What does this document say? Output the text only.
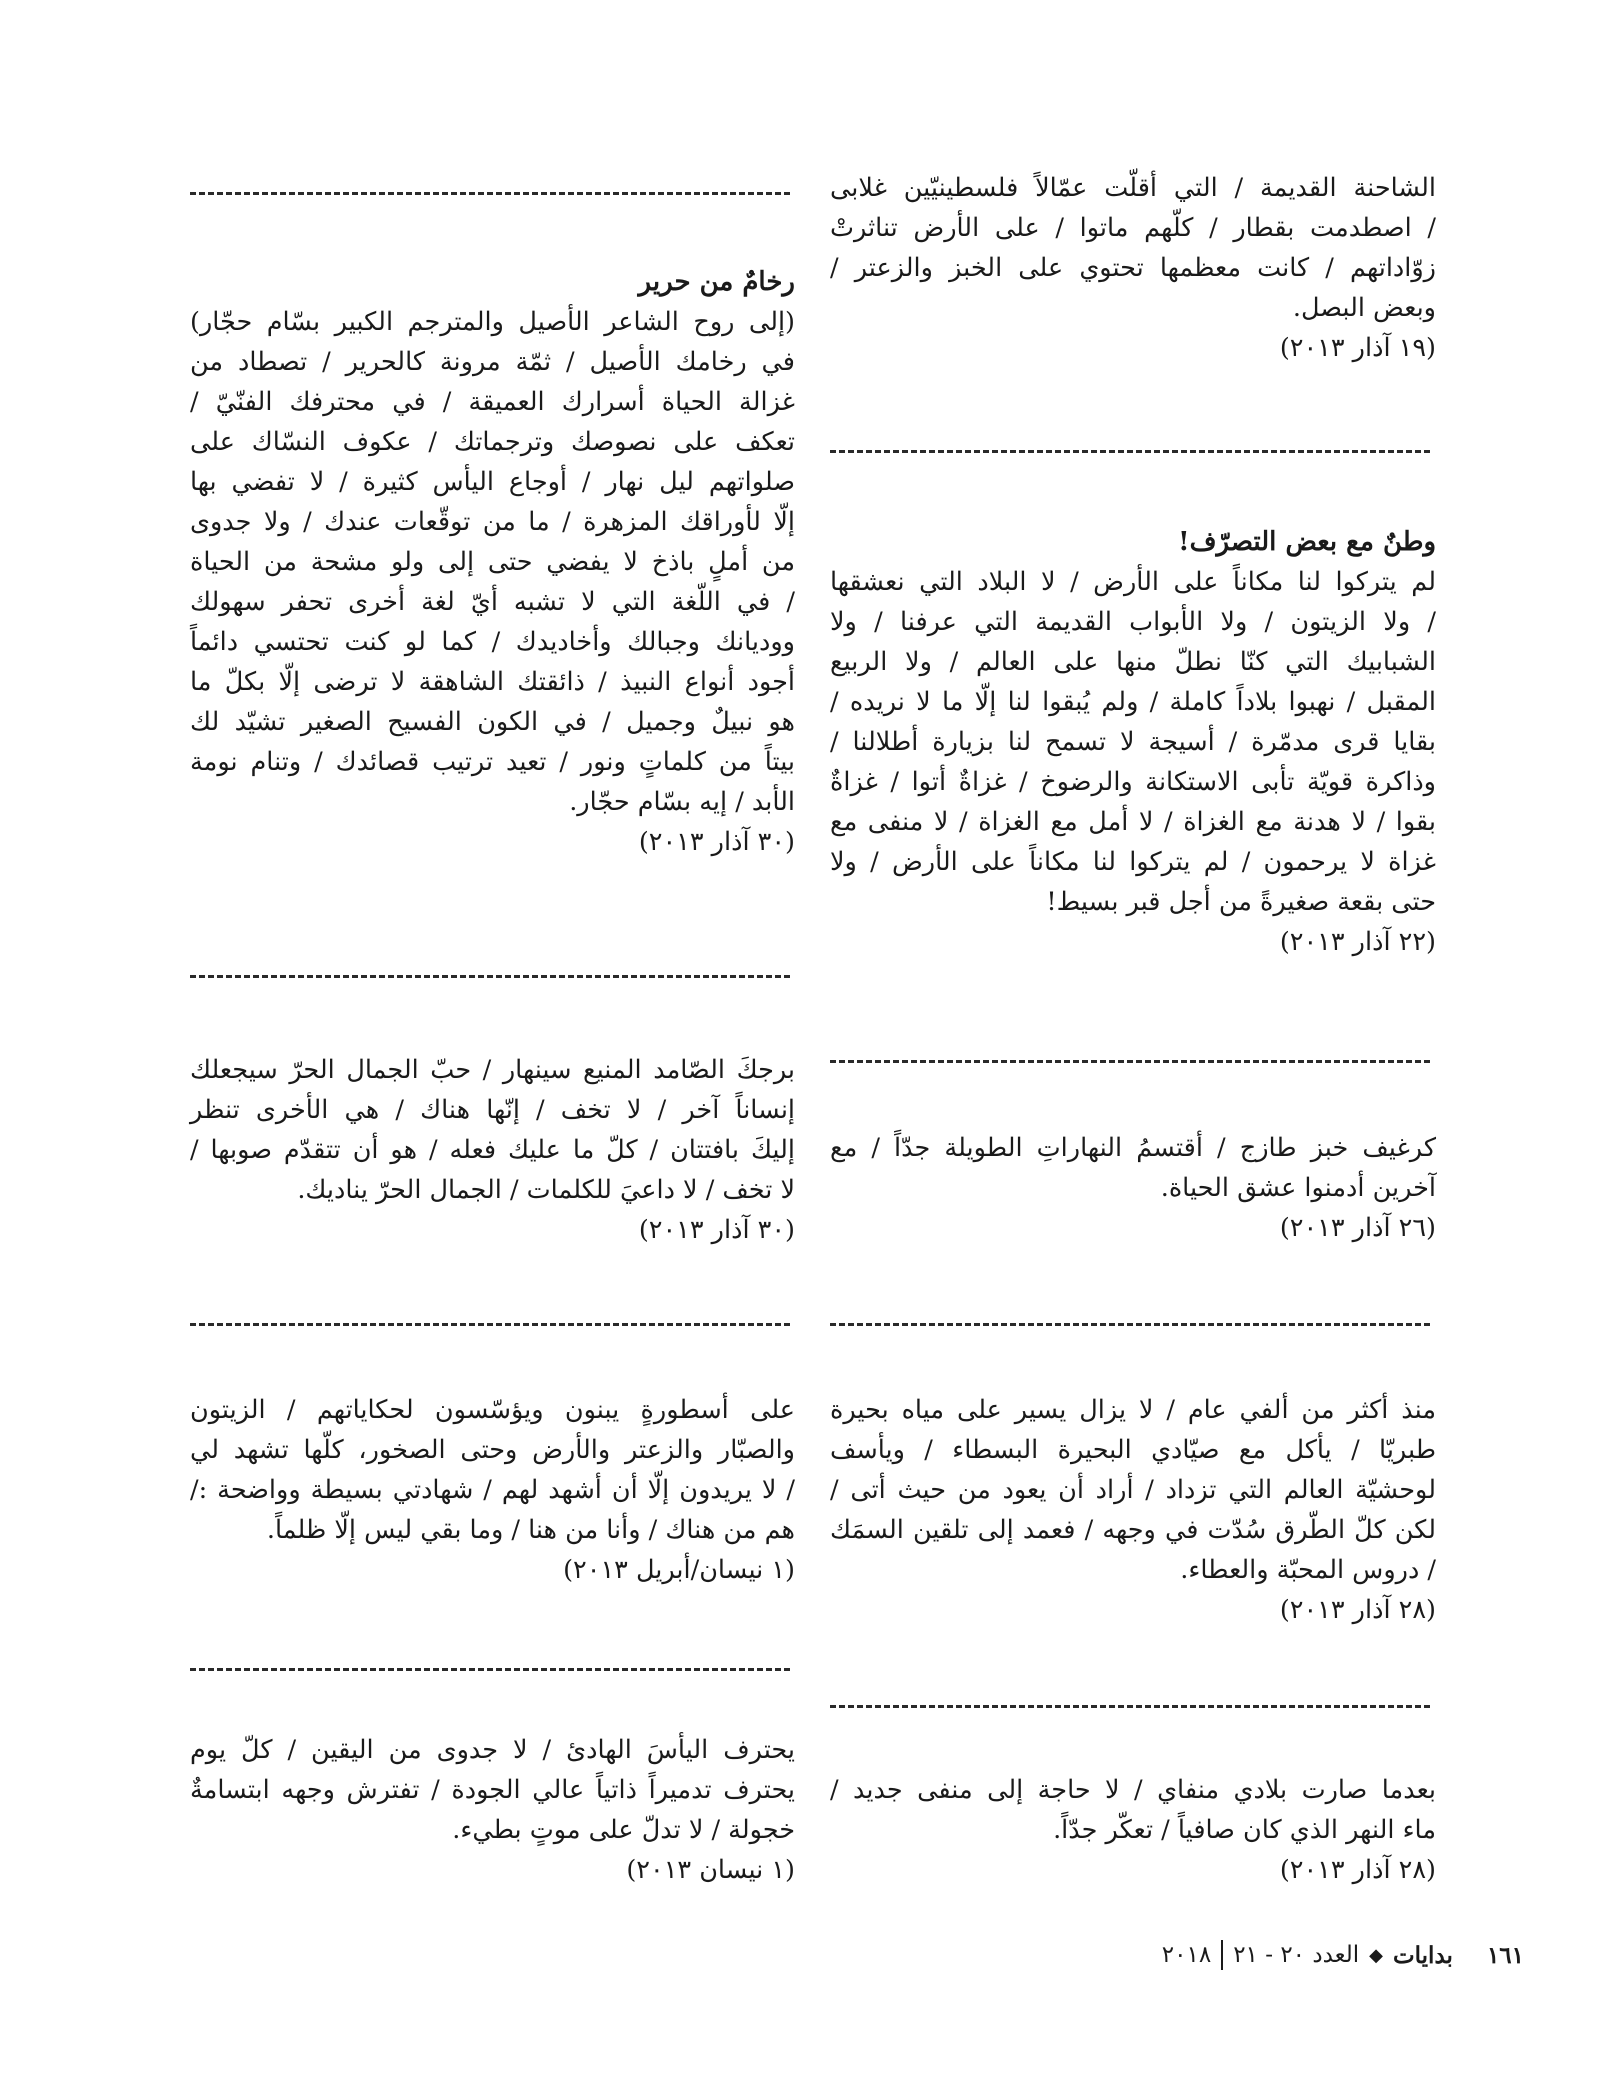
الشاحنة القديمة / التي أقلّت عمّالاً فلسطينيّين غلابى
/ اصطدمت بقطار / كلّهم ماتوا / على الأرض تناثرتْ
زوّاداتهم / كانت معظمها تحتوي على الخبز والزعتر /
وبعض البصل.
(١٩ آذار ٢٠١٣)
وطنٌ مع بعض التصرّف!
لم يتركوا لنا مكاناً على الأرض / لا البلاد التي نعشقها
/ ولا الزيتون / ولا الأبواب القديمة التي عرفنا / ولا
الشبابيك التي كنّا نطلّ منها على العالم / ولا الربيع
المقبل / نهبوا بلاداً كاملة / ولم يُبقوا لنا إلّا ما لا نريده /
بقايا قرى مدمّرة / أسيجة لا تسمح لنا بزيارة أطلالنا /
وذاكرة قويّة تأبى الاستكانة والرضوخ / غزاةٌ أتوا / غزاةٌ
بقوا / لا هدنة مع الغزاة / لا أمل مع الغزاة / لا منفى مع
غزاة لا يرحمون / لم يتركوا لنا مكاناً على الأرض / ولا
حتى بقعة صغيرةً من أجل قبر بسيط!
(٢٢ آذار ٢٠١٣)
كرغيف خبز طازج / أقتسمُ النهاراتِ الطويلة جدّاً / مع
آخرين أدمنوا عشق الحياة.
(٢٦ آذار ٢٠١٣)
منذ أكثر من ألفي عام / لا يزال يسير على مياه بحيرة
طبريّا / يأكل مع صيّادي البحيرة البسطاء / ويأسف
لوحشيّة العالم التي تزداد / أراد أن يعود من حيث أتى /
لكن كلّ الطّرق سُدّت في وجهه / فعمد إلى تلقين السمَك
/ دروس المحبّة والعطاء.
(٢٨ آذار ٢٠١٣)
بعدما صارت بلادي منفاي / لا حاجة إلى منفى جديد /
ماء النهر الذي كان صافياً / تعكّر جدّاً.
(٢٨ آذار ٢٠١٣)
رخامٌ من حرير
(إلى روح الشاعر الأصيل والمترجم الكبير بسّام حجّار)
في رخامك الأصيل / ثمّة مرونة كالحرير / تصطاد من
غزالة الحياة أسرارك العميقة / في محترفك الفنّيّ /
تعكف على نصوصك وترجماتك / عكوف النسّاك على
صلواتهم ليل نهار / أوجاع اليأس كثيرة / لا تفضي بها
إلّا لأوراقك المزهرة / ما من توقّعات عندك / ولا جدوى
من أملٍ باذخ لا يفضي حتى إلى ولو مشحة من الحياة
/ في اللّغة التي لا تشبه أيّ لغة أخرى تحفر سهولك
ووديانك وجبالك وأخاديدك / كما لو كنت تحتسي دائماً
أجود أنواع النبيذ / ذائقتك الشاهقة لا ترضى إلّا بكلّ ما
هو نبيلٌ وجميل / في الكون الفسيح الصغير تشيّد لك
بيتاً من كلماتٍ ونور / تعيد ترتيب قصائدك / وتنام نومة
الأبد / إيه بسّام حجّار.
(٣٠ آذار ٢٠١٣)
برجكَ الصّامد المنيع سينهار / حبّ الجمال الحرّ سيجعلك
إنساناً آخر / لا تخف / إنّها هناك / هي الأخرى تنظر
إليكَ بافتتان / كلّ ما عليك فعله / هو أن تتقدّم صوبها /
لا تخف / لا داعيَ للكلمات / الجمال الحرّ يناديك.
(٣٠ آذار ٢٠١٣)
على أسطورةٍ يبنون ويؤسّسون لحكاياتهم / الزيتون
والصبّار والزعتر والأرض وحتى الصخور، كلّها تشهد لي
/ لا يريدون إلّا أن أشهد لهم / شهادتي بسيطة وواضحة :/
هم من هناك / وأنا من هنا / وما بقي ليس إلّا ظلماً.
(١ نيسان/أبريل ٢٠١٣)
يحترف اليأسَ الهادئ / لا جدوى من اليقين / كلّ يوم
يحترف تدميراً ذاتياً عالي الجودة / تفترش وجهه ابتسامةٌ
خجولة / لا تدلّ على موتٍ بطيء.
(١ نيسان ٢٠١٣)
١٦١
بدايات
◆
العدد ٢٠ - ٢١
٢٠١٨
